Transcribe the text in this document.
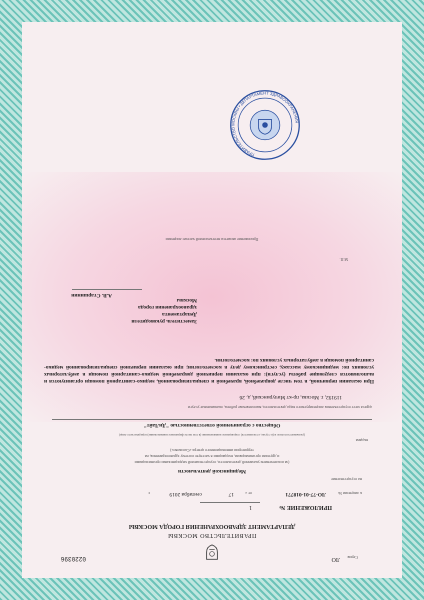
Серия
ЛО
0220396
ПРАВИТЕЛЬСТВО МОСКВЫ
ДЕПАРТАМЕНТ ЗДРАВООХРАНЕНИЯ ГОРОДА МОСКВЫ
ПРИЛОЖЕНИЕ №
1
к лицензии №
ЛО-77-01-018771
от «
17
сентября 2019
г.
на осуществление
Медицинской деятельности
(за исключением указанной деятельности, осуществляемой медицинскими организациями
и другими организациями, входящими в частную систему здравоохранения, на
территории инновационного центра «Сколково»)
выдана
(указывается полное и (в случае, если имеется) сокращенное наименование (в том числе фирменное наименование) юридического лица)
Общество с ограниченной ответственностью "ДиЛайт"
адреса мест осуществления лицензируемого вида деятельности, выполняемые работы, оказываемые услуги
119192, г. Москва, пр-кт Мичуринский, д. 26
При оказании первичной, в том числе доврачебной, врачебной и специализированной, медико-санитарной помощи организуются и выполняются следующие работы (услуги): при оказании первичной доврачебной медико-санитарной помощи в амбулаторных условиях по: медицинскому массажу, сестринскому делу в косметологии; при оказании первичной специализированной медико-санитарной помощи в амбулаторных условиях по: косметологии.
Заместитель руководителя
Департамента
здравоохранения города
Москвы
А.В. Старшинин
М.П.
Приложение является неотъемлемой частью лицензии
ПРАВИТЕЛЬСТВО МОСКВЫ • ДЕПАРТАМЕНТ ЗДРАВООХРАНЕНИЯ
